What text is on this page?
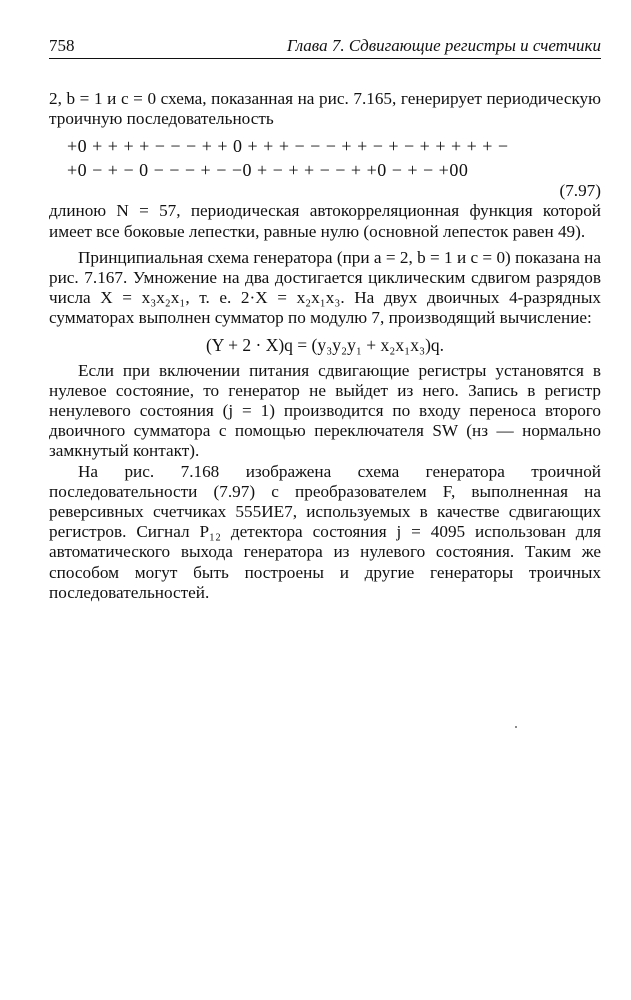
758	Глава 7. Сдвигающие регистры и счетчики

2, b = 1 и c = 0 схема, показанная на рис. 7.165, генерирует периодическую троичную последовательность

+0 + + + + − − − + + 0 + + + − − − + + − + − + + + + + −
+0 − + − 0 − − − + − −0 + − + + − − + +0 − + − +00

(7.97)

длиною N = 57, периодическая автокорреляционная функция которой имеет все боковые лепестки, равные нулю (основной лепесток равен 49).

Принципиальная схема генератора (при a = 2, b = 1 и c = 0) показана на рис. 7.167. Умножение на два достигается циклическим сдвигом разрядов числа X = x₃x₂x₁, т. е. 2·X = x₂x₁x₃. На двух двоичных 4-разрядных сумматорах выполнен сумматор по модулю 7, производящий вычисление:

(Y + 2 · X)q = (y₃y₂y₁ + x₂x₁x₃)q.

Если при включении питания сдвигающие регистры установятся в нулевое состояние, то генератор не выйдет из него. Запись в регистр ненулевого состояния (j = 1) производится по входу переноса второго двоичного сумматора с помощью переключателя SW (нз — нормально замкнутый контакт).

На рис. 7.168 изображена схема генератора троичной последовательности (7.97) с преобразователем F, выполненная на реверсивных счетчиках 555ИЕ7, используемых в качестве сдвигающих регистров. Сигнал P₁₂ детектора состояния j = 4095 использован для автоматического выхода генератора из нулевого состояния. Таким же способом могут быть построены и другие генераторы троичных последовательностей.
